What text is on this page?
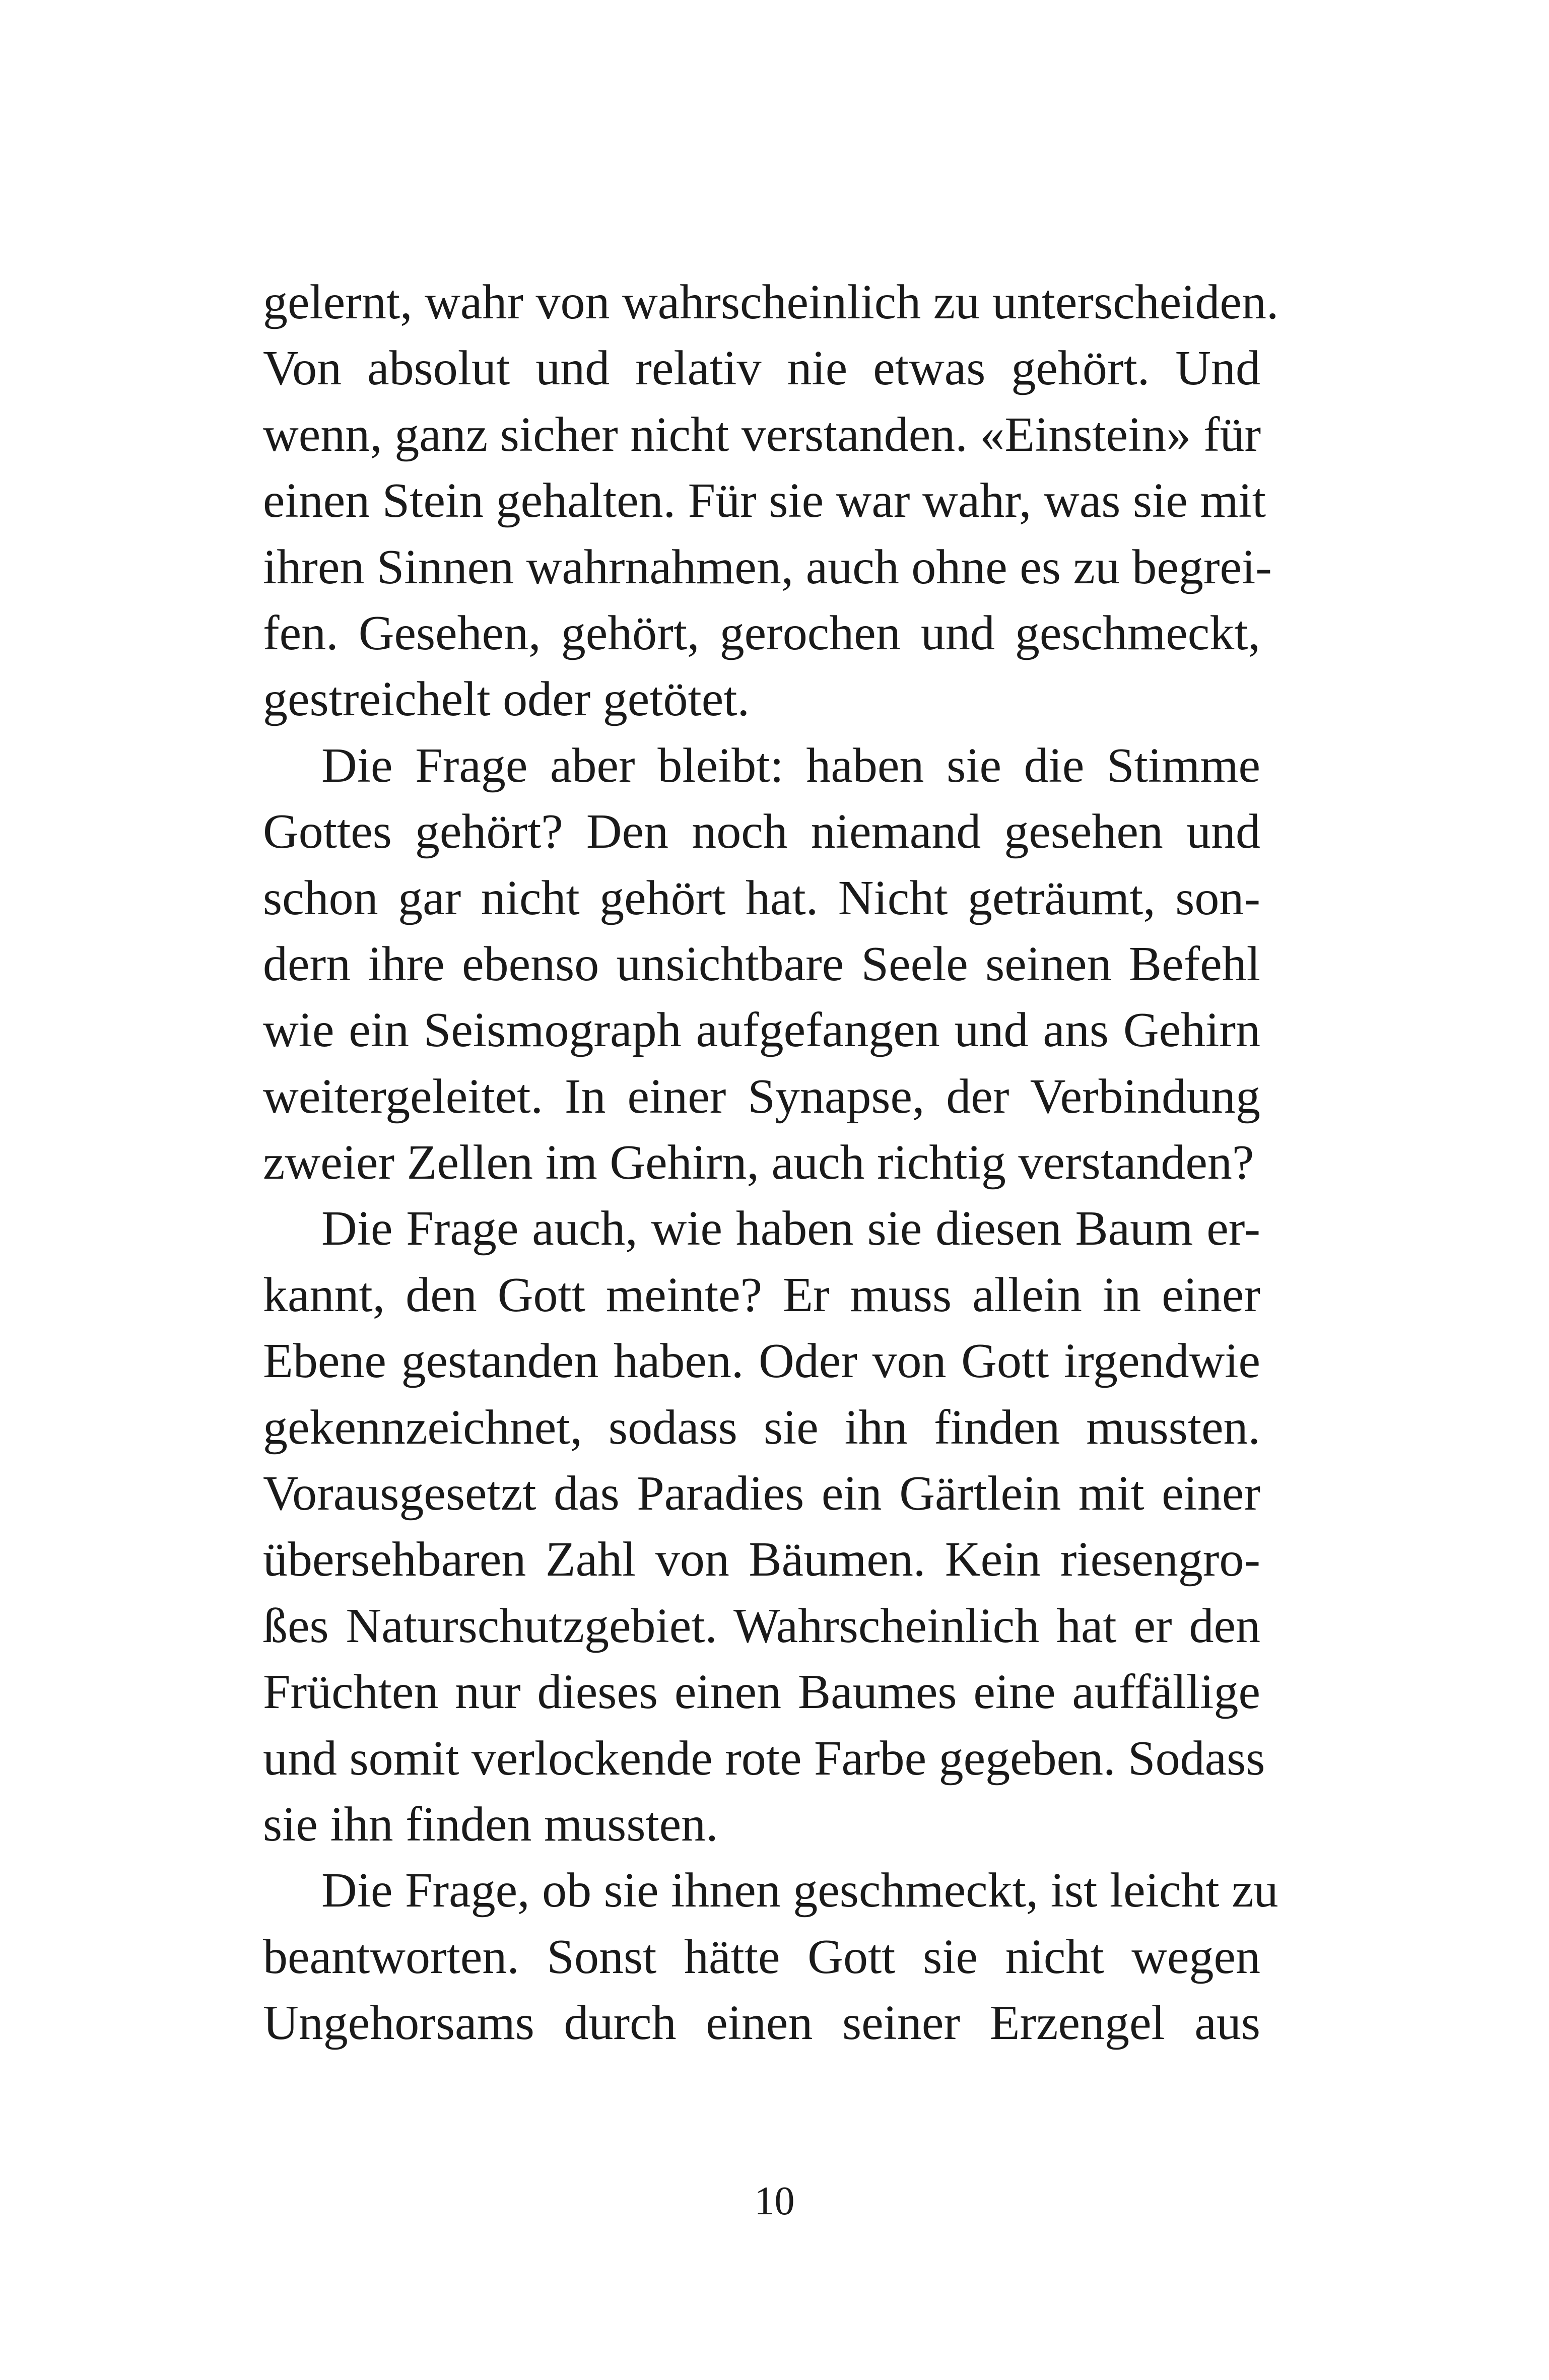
gelernt, wahr von wahrscheinlich zu unterscheiden.
Von absolut und relativ nie etwas gehört. Und
wenn, ganz sicher nicht verstanden. «Einstein» für
einen Stein gehalten. Für sie war wahr, was sie mit
ihren Sinnen wahrnahmen, auch ohne es zu begrei-
fen. Gesehen, gehört, gerochen und geschmeckt,
gestreichelt oder getötet.
Die Frage aber bleibt: haben sie die Stimme
Gottes gehört? Den noch niemand gesehen und
schon gar nicht gehört hat. Nicht geträumt, son-
dern ihre ebenso unsichtbare Seele seinen Befehl
wie ein Seismograph aufgefangen und ans Gehirn
weitergeleitet. In einer Synapse, der Verbindung
zweier Zellen im Gehirn, auch richtig verstanden?
Die Frage auch, wie haben sie diesen Baum er-
kannt, den Gott meinte? Er muss allein in einer
Ebene gestanden haben. Oder von Gott irgendwie
gekennzeichnet, sodass sie ihn finden mussten.
Vorausgesetzt das Paradies ein Gärtlein mit einer
übersehbaren Zahl von Bäumen. Kein riesengro-
ßes Naturschutzgebiet. Wahrscheinlich hat er den
Früchten nur dieses einen Baumes eine auffällige
und somit verlockende rote Farbe gegeben. Sodass
sie ihn finden mussten.
Die Frage, ob sie ihnen geschmeckt, ist leicht zu
beantworten. Sonst hätte Gott sie nicht wegen
Ungehorsams durch einen seiner Erzengel aus
10
